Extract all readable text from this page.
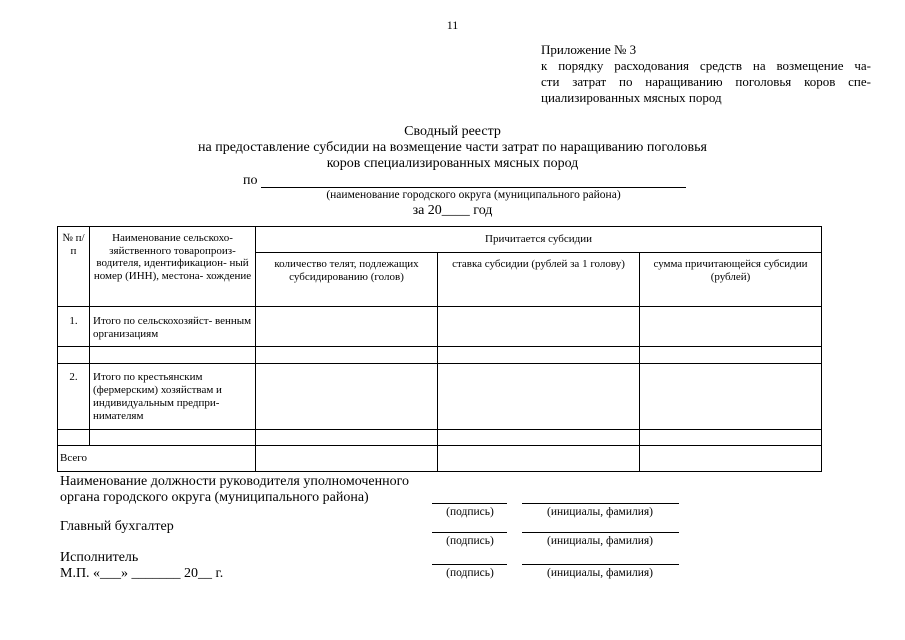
11
Приложение № 3
к порядку расходования средств на возмещение ча-
сти затрат по наращиванию поголовья коров спе-
циализированных мясных пород
Сводный реестр
на предоставление субсидии на возмещение части затрат по наращиванию поголовья
коров специализированных мясных пород
по
(наименование городского округа (муниципального района)
за 20____ год
№ п/п	Наименование сельскохо- зяйственного товаропроиз- водителя, идентификацион- ный номер (ИНН), местона- хождение	Причитается субсидии		
		количество телят, подлежащих субсидированию (голов)	ставка субсидии (рублей за 1 голову)	сумма причитающейся субсидии (рублей)
1.	Итого по сельскохозяйст- венным организациям			

2.	Итого по крестьянским (фермерским) хозяйствам и индивидуальным предпри- нимателям			

Всего				
Наименование должности руководителя уполномоченного
органа городского округа (муниципального района)
(подпись)	(инициалы, фамилия)
Главный бухгалтер
(подпись)	(инициалы, фамилия)
Исполнитель
М.П. «___» _______ 20__ г.	(подпись)	(инициалы, фамилия)
